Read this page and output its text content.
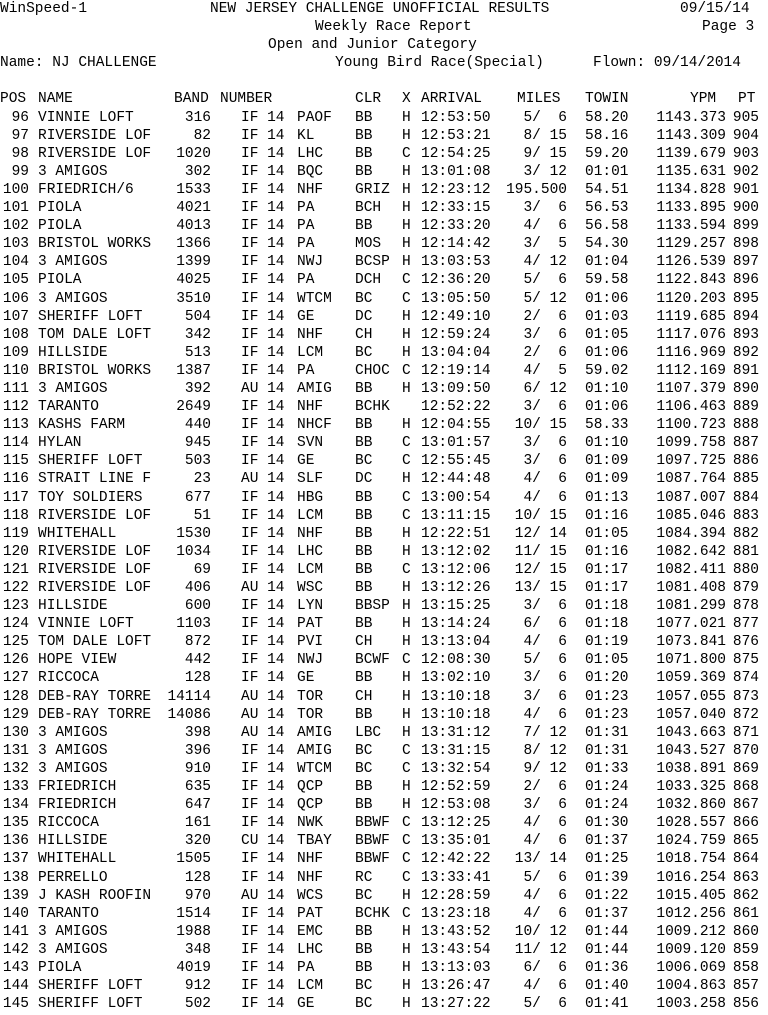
WinSpeed-1	NEW JERSEY CHALLENGE UNOFFICIAL RESULTS	09/15/14
Weekly Race Report	Page 3
Open and Junior Category
Name: NJ CHALLENGE	Young Bird Race(Special)	Flown: 09/14/2014
POS NAME	BAND NUMBER	CLR X ARRIVAL MILES TOWIN	YPM PT
96 VINNIE LOFT	316 IF 14 PAOF BB H 12:53:50 5/  6 58.20 1143.373 905
97 RIVERSIDE LOF	82 IF 14 KL	BB H 12:53:21 8/ 15 58.16 1143.309 904
98 RIVERSIDE LOF 1020 IF 14 LHC BB C 12:54:25 9/ 15 59.20 1139.679 903
99 3 AMIGOS	302 IF 14 BQC BB H 13:01:08 3/ 12 01:01 1135.631 902
100 FRIEDRICH/6	1533 IF 14 NHF GRIZ H 12:23:12 195.500 54.51 1134.828 901
101 PIOLA	4021 IF 14 PA	BCH H 12:33:15 3/  6 56.53 1133.895 900
102 PIOLA	4013 IF 14 PA	BB H 12:33:20 4/  6 56.58 1133.594 899
103 BRISTOL WORKS 1366 IF 14 PA	MOS H 12:14:42 3/  5 54.30 1129.257 898
104 3 AMIGOS	1399 IF 14 NWJ BCSP H 13:03:53 4/ 12 01:04 1126.539 897
105 PIOLA	4025 IF 14 PA	DCH C 12:36:20 5/  6 59.58 1122.843 896
106 3 AMIGOS	3510 IF 14 WTCM BC C 13:05:50 5/ 12 01:06 1120.203 895
107 SHERIFF LOFT	504 IF 14 GE	DC H 12:49:10 2/  6 01:03 1119.685 894
108 TOM DALE LOFT 342 IF 14 NHF CH H 12:59:24 3/  6 01:05 1117.076 893
109 HILLSIDE	513 IF 14 LCM BC H 13:04:04 2/  6 01:06 1116.969 892
110 BRISTOL WORKS 1387 IF 14 PA	CHOC C 12:19:14 4/  5 59.02 1112.169 891
111 3 AMIGOS	392 AU 14 AMIG BB H 13:09:50 6/ 12 01:10 1107.379 890
112 TARANTO	2649 IF 14 NHF BCHK 12:52:22 3/  6 01:06 1106.463 889
113 KASHS FARM	440 IF 14 NHCF BB H 12:04:55 10/ 15 58.33 1100.723 888
114 HYLAN	945 IF 14 SVN BB C 13:01:57 3/  6 01:10 1099.758 887
115 SHERIFF LOFT	503 IF 14 GE	BC C 12:55:45 3/  6 01:09 1097.725 886
116 STRAIT LINE F	23 AU 14 SLF DC H 12:44:48 4/  6 01:09 1087.764 885
117 TOY SOLDIERS	677 IF 14 HBG BB C 13:00:54 4/  6 01:13 1087.007 884
118 RIVERSIDE LOF	51 IF 14 LCM BB C 13:11:15 10/ 15 01:16 1085.046 883
119 WHITEHALL	1530 IF 14 NHF BB H 12:22:51 12/ 14 01:05 1084.394 882
120 RIVERSIDE LOF 1034 IF 14 LHC BB H 13:12:02 11/ 15 01:16 1082.642 881
121 RIVERSIDE LOF	69 IF 14 LCM BB C 13:12:06 12/ 15 01:17 1082.411 880
122 RIVERSIDE LOF 406 AU 14 WSC BB H 13:12:26 13/ 15 01:17 1081.408 879
123 HILLSIDE	600 IF 14 LYN BBSP H 13:15:25 3/  6 01:18 1081.299 878
124 VINNIE LOFT	1103 IF 14 PAT BB H 13:14:24 6/  6 01:18 1077.021 877
125 TOM DALE LOFT 872 IF 14 PVI CH H 13:13:04 4/  6 01:19 1073.841 876
126 HOPE VIEW	442 IF 14 NWJ BCWF C 12:08:30 5/  6 01:05 1071.800 875
127 RICCOCA	128 IF 14 GE	BB H 13:02:10 3/  6 01:20 1059.369 874
128 DEB-RAY TORRE 14114 AU 14 TOR CH H 13:10:18 3/  6 01:23 1057.055 873
129 DEB-RAY TORRE 14086 AU 14 TOR BB H 13:10:18 4/  6 01:23 1057.040 872
130 3 AMIGOS	398 AU 14 AMIG LBC H 13:31:12 7/ 12 01:31 1043.663 871
131 3 AMIGOS	396 IF 14 AMIG BC C 13:31:15 8/ 12 01:31 1043.527 870
132 3 AMIGOS	910 IF 14 WTCM BC C 13:32:54 9/ 12 01:33 1038.891 869
133 FRIEDRICH	635 IF 14 QCP BB H 12:52:59 2/  6 01:24 1033.325 868
134 FRIEDRICH	647 IF 14 QCP BB H 12:53:08 3/  6 01:24 1032.860 867
135 RICCOCA	161 IF 14 NWK BBWF C 13:12:25 4/  6 01:30 1028.557 866
136 HILLSIDE	320 CU 14 TBAY BBWF C 13:35:01 4/  6 01:37 1024.759 865
137 WHITEHALL	1505 IF 14 NHF BBWF C 12:42:22 13/ 14 01:25 1018.754 864
138 PERRELLO	128 IF 14 NHF RC C 13:33:41 5/  6 01:39 1016.254 863
139 J KASH ROOFIN 970 AU 14 WCS BC H 12:28:59 4/  6 01:22 1015.405 862
140 TARANTO	1514 IF 14 PAT BCHK C 13:23:18 4/  6 01:37 1012.256 861
141 3 AMIGOS	1988 IF 14 EMC BB H 13:43:52 10/ 12 01:44 1009.212 860
142 3 AMIGOS	348 IF 14 LHC BB H 13:43:54 11/ 12 01:44 1009.120 859
143 PIOLA	4019 IF 14 PA	BB H 13:13:03 6/  6 01:36 1006.069 858
144 SHERIFF LOFT	912 IF 14 LCM BC H 13:26:47 4/  6 01:40 1004.863 857
145 SHERIFF LOFT	502 IF 14 GE	BC H 13:27:22 5/  6 01:41 1003.258 856
